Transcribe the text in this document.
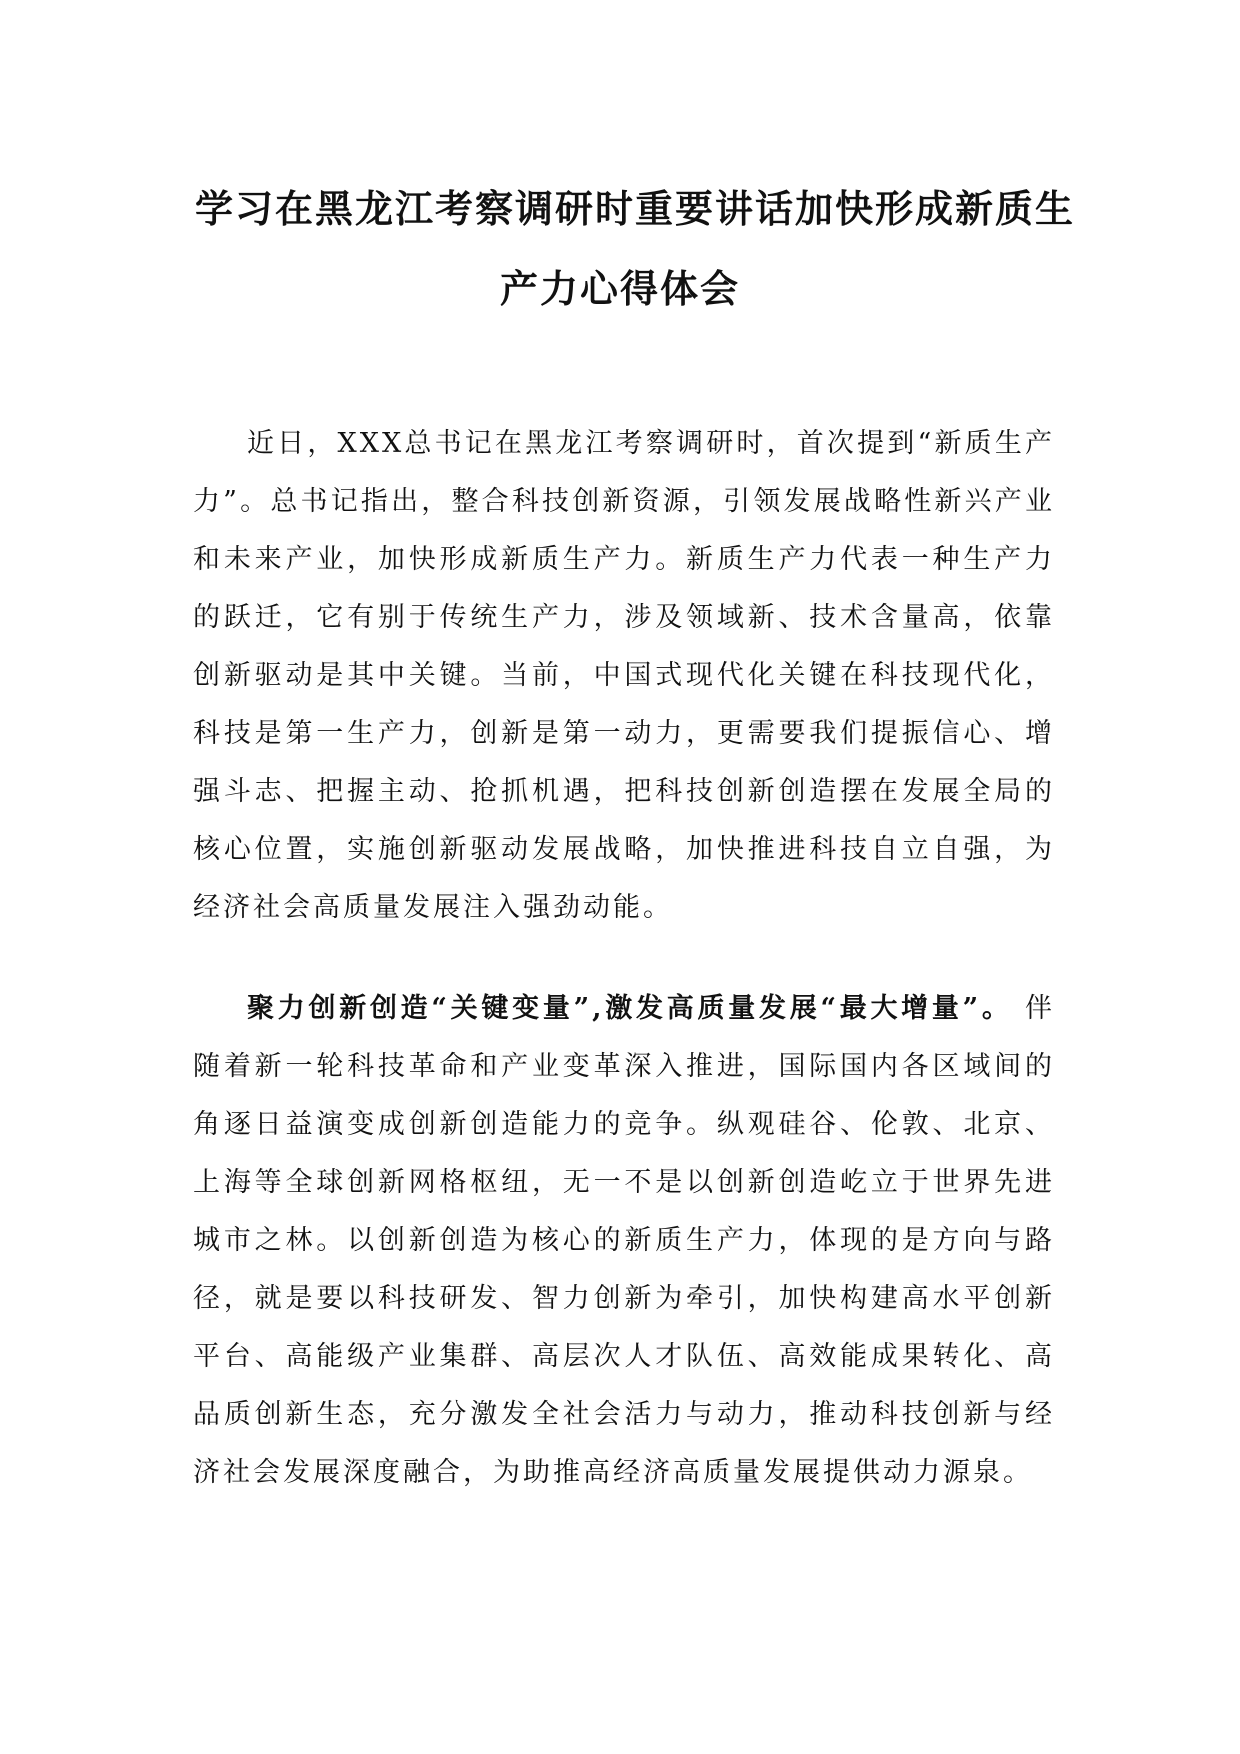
学习在黑龙江考察调研时重要讲话加快形成新质生
产力心得体会

近日，XXX总书记在黑龙江考察调研时，首次提到“新质生产力”。总书记指出，整合科技创新资源，引领发展战略性新兴产业和未来产业，加快形成新质生产力。新质生产力代表一种生产力的跃迁，它有别于传统生产力，涉及领域新、技术含量高，依靠创新驱动是其中关键。当前，中国式现代化关键在科技现代化，科技是第一生产力，创新是第一动力，更需要我们提振信心、增强斗志、把握主动、抢抓机遇，把科技创新创造摆在发展全局的核心位置，实施创新驱动发展战略，加快推进科技自立自强，为经济社会高质量发展注入强劲动能。

聚力创新创造“关键变量”,激发高质量发展“最大增量”。 伴随着新一轮科技革命和产业变革深入推进，国际国内各区域间的角逐日益演变成创新创造能力的竞争。纵观硅谷、伦敦、北京、上海等全球创新网格枢纽，无一不是以创新创造屹立于世界先进城市之林。以创新创造为核心的新质生产力，体现的是方向与路径，就是要以科技研发、智力创新为牵引，加快构建高水平创新平台、高能级产业集群、高层次人才队伍、高效能成果转化、高品质创新生态，充分激发全社会活力与动力，推动科技创新与经济社会发展深度融合，为助推高经济高质量发展提供动力源泉。
